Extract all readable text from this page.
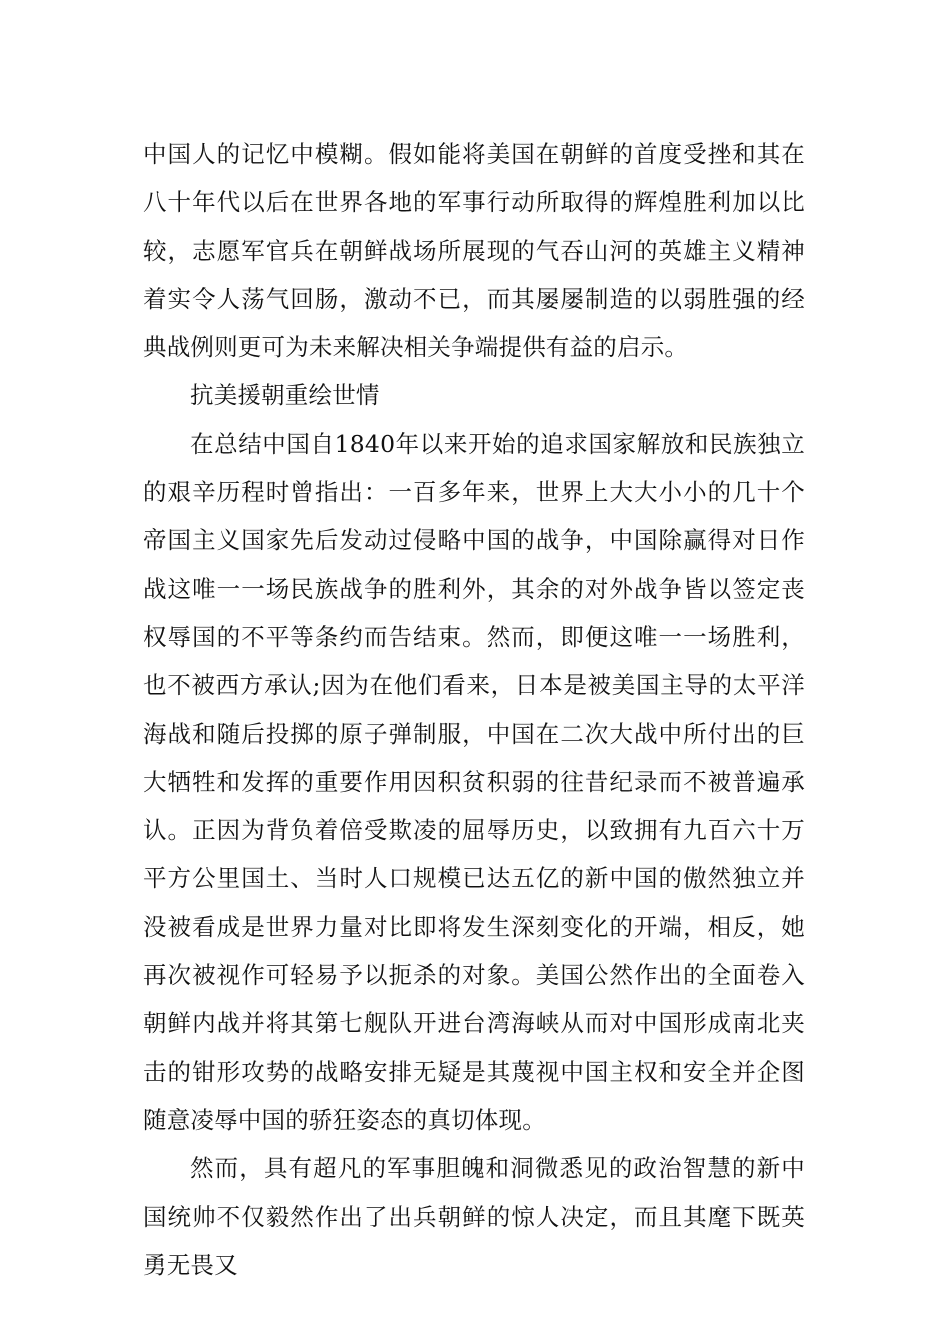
中国人的记忆中模糊。假如能将美国在朝鲜的首度受挫和其在八十年代以后在世界各地的军事行动所取得的辉煌胜利加以比较，志愿军官兵在朝鲜战场所展现的气吞山河的英雄主义精神着实令人荡气回肠，激动不已，而其屡屡制造的以弱胜强的经典战例则更可为未来解决相关争端提供有益的启示。

抗美援朝重绘世情

在总结中国自1840年以来开始的追求国家解放和民族独立的艰辛历程时曾指出：一百多年来，世界上大大小小的几十个帝国主义国家先后发动过侵略中国的战争，中国除赢得对日作战这唯一一场民族战争的胜利外，其余的对外战争皆以签定丧权辱国的不平等条约而告结束。然而，即便这唯一一场胜利，也不被西方承认;因为在他们看来，日本是被美国主导的太平洋海战和随后投掷的原子弹制服，中国在二次大战中所付出的巨大牺牲和发挥的重要作用因积贫积弱的往昔纪录而不被普遍承认。正因为背负着倍受欺凌的屈辱历史，以致拥有九百六十万平方公里国土、当时人口规模已达五亿的新中国的傲然独立并没被看成是世界力量对比即将发生深刻变化的开端，相反，她再次被视作可轻易予以扼杀的对象。美国公然作出的全面卷入朝鲜内战并将其第七舰队开进台湾海峡从而对中国形成南北夹击的钳形攻势的战略安排无疑是其蔑视中国主权和安全并企图随意凌辱中国的骄狂姿态的真切体现。

然而，具有超凡的军事胆魄和洞微悉见的政治智慧的新中国统帅不仅毅然作出了出兵朝鲜的惊人决定，而且其麾下既英勇无畏又
